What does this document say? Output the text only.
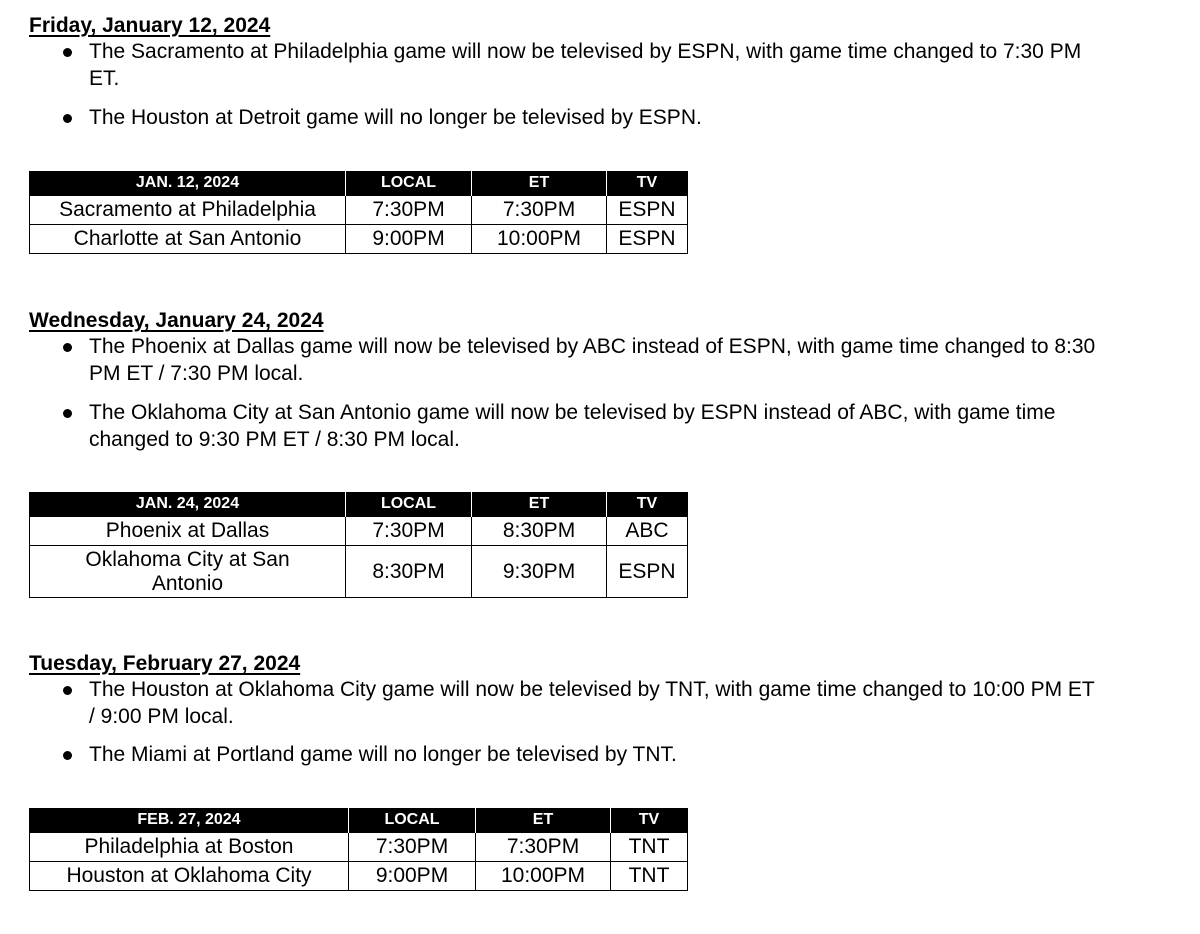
Friday, January 12, 2024
The Sacramento at Philadelphia game will now be televised by ESPN, with game time changed to 7:30 PM
ET.
The Houston at Detroit game will no longer be televised by ESPN.
JAN. 12, 2024	LOCAL	ET	TV
Sacramento at Philadelphia	7:30PM	7:30PM	ESPN
Charlotte at San Antonio	9:00PM	10:00PM	ESPN
Wednesday, January 24, 2024
The Phoenix at Dallas game will now be televised by ABC instead of ESPN, with game time changed to 8:30
PM ET / 7:30 PM local.
The Oklahoma City at San Antonio game will now be televised by ESPN instead of ABC, with game time
changed to 9:30 PM ET / 8:30 PM local.
JAN. 24, 2024	LOCAL	ET	TV
Phoenix at Dallas	7:30PM	8:30PM	ABC

Oklahoma City at San
Antonio	8:30PM	9:30PM	ESPN
Tuesday, February 27, 2024
The Houston at Oklahoma City game will now be televised by TNT, with game time changed to 10:00 PM ET
/ 9:00 PM local.
The Miami at Portland game will no longer be televised by TNT.
FEB. 27, 2024	LOCAL	ET	TV
Philadelphia at Boston	7:30PM	7:30PM	TNT
Houston at Oklahoma City	9:00PM	10:00PM	TNT
